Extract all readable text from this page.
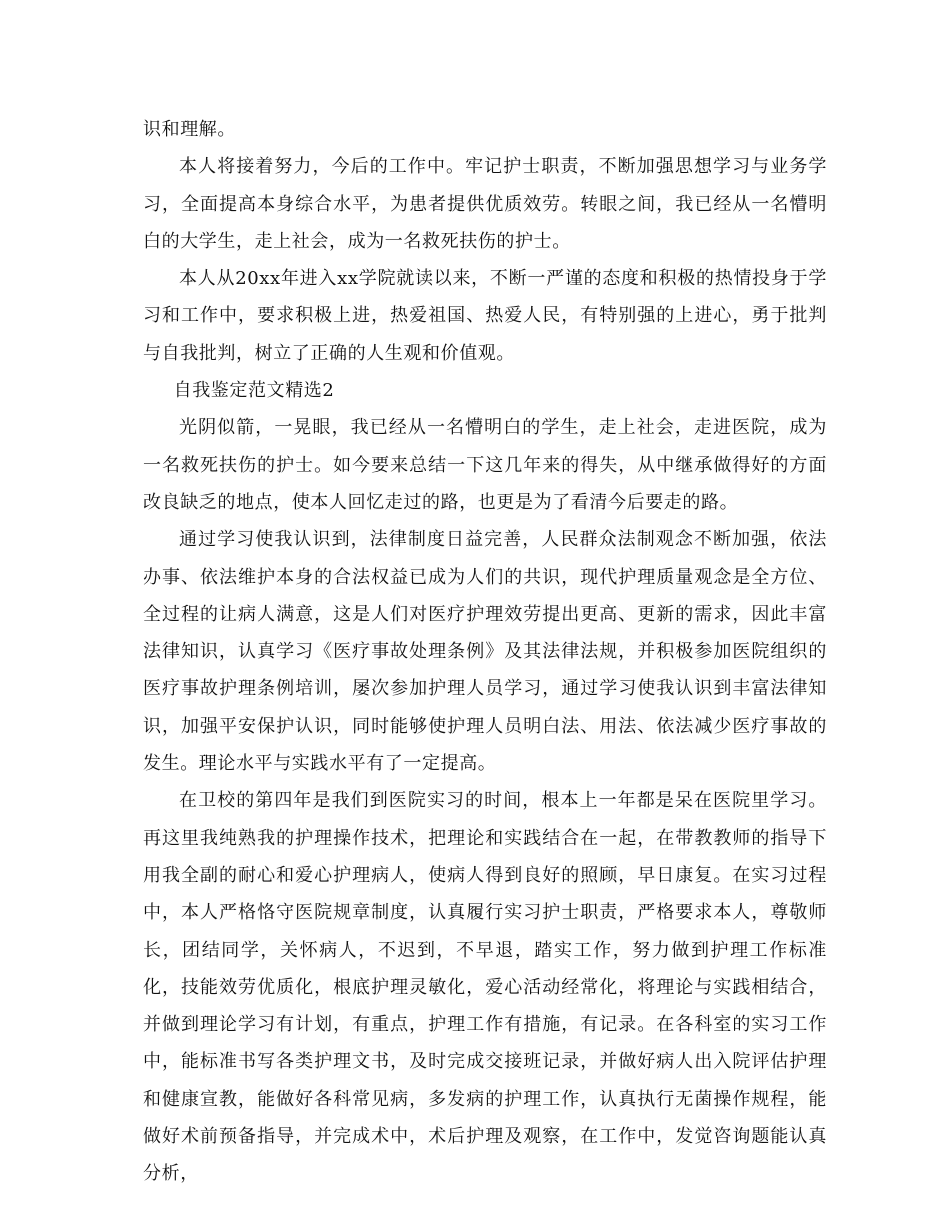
识和理解。

本人将接着努力，今后的工作中。牢记护士职责，不断加强思想学习与业务学习，全面提高本身综合水平，为患者提供优质效劳。转眼之间，我已经从一名懵明白的大学生，走上社会，成为一名救死扶伤的护士。

本人从20xx年进入xx学院就读以来，不断一严谨的态度和积极的热情投身于学习和工作中，要求积极上进，热爱祖国、热爱人民，有特别强的上进心，勇于批判与自我批判，树立了正确的人生观和价值观。

自我鉴定范文精选2

光阴似箭，一晃眼，我已经从一名懵明白的学生，走上社会，走进医院，成为一名救死扶伤的护士。如今要来总结一下这几年来的得失，从中继承做得好的方面改良缺乏的地点，使本人回忆走过的路，也更是为了看清今后要走的路。

通过学习使我认识到，法律制度日益完善，人民群众法制观念不断加强，依法办事、依法维护本身的合法权益已成为人们的共识，现代护理质量观念是全方位、全过程的让病人满意，这是人们对医疗护理效劳提出更高、更新的需求，因此丰富法律知识，认真学习《医疗事故处理条例》及其法律法规，并积极参加医院组织的医疗事故护理条例培训，屡次参加护理人员学习，通过学习使我认识到丰富法律知识，加强平安保护认识，同时能够使护理人员明白法、用法、依法减少医疗事故的发生。理论水平与实践水平有了一定提高。

在卫校的第四年是我们到医院实习的时间，根本上一年都是呆在医院里学习。再这里我纯熟我的护理操作技术，把理论和实践结合在一起，在带教教师的指导下用我全副的耐心和爱心护理病人，使病人得到良好的照顾，早日康复。在实习过程中，本人严格恪守医院规章制度，认真履行实习护士职责，严格要求本人，尊敬师长，团结同学，关怀病人，不迟到，不早退，踏实工作，努力做到护理工作标准化，技能效劳优质化，根底护理灵敏化，爱心活动经常化，将理论与实践相结合，并做到理论学习有计划，有重点，护理工作有措施，有记录。在各科室的实习工作中，能标准书写各类护理文书，及时完成交接班记录，并做好病人出入院评估护理和健康宣教，能做好各科常见病，多发病的护理工作，认真执行无菌操作规程，能做好术前预备指导，并完成术中，术后护理及观察，在工作中，发觉咨询题能认真分析，
